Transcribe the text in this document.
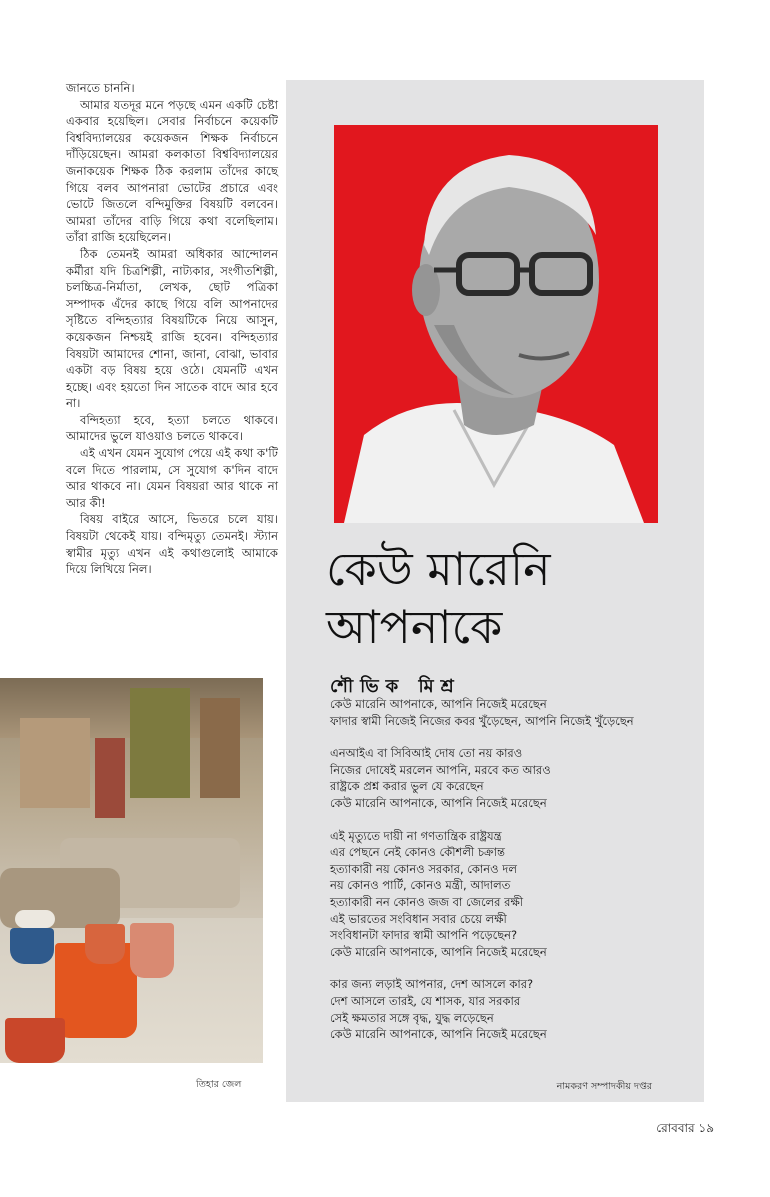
জানতে চাননি।

আমার যতদূর মনে পড়ছে এমন একটি চেষ্টা একবার হয়েছিল। সেবার নির্বাচনে কয়েকটি বিশ্ববিদ্যালয়ের কয়েকজন শিক্ষক নির্বাচনে দাঁড়িয়েছেন। আমরা কলকাতা বিশ্ববিদ্যালয়ের জনাকয়েক শিক্ষক ঠিক করলাম তাঁদের কাছে গিয়ে বলব আপনারা ভোটের প্রচারে এবং ভোটে জিতলে বন্দিমুক্তির বিষয়টি বলবেন। আমরা তাঁদের বাড়ি গিয়ে কথা বলেছিলাম। তাঁরা রাজি হয়েছিলেন।

ঠিক তেমনই আমরা অধিকার আন্দোলন কর্মীরা যদি চিত্রশিল্পী, নাট্যকার, সংগীতশিল্পী, চলচ্চিত্র-নির্মাতা, লেখক, ছোট পত্রিকা সম্পাদক এঁদের কাছে গিয়ে বলি আপনাদের সৃষ্টিতে বন্দিহত্যার বিষয়টিকে নিয়ে আসুন, কয়েকজন নিশ্চয়ই রাজি হবেন। বন্দিহত্যার বিষয়টা আমাদের শোনা, জানা, বোঝা, ভাবার একটা বড় বিষয় হয়ে ওঠে। যেমনটি এখন হচ্ছে। এবং হয়তো দিন সাতেক বাদে আর হবে না।

বন্দিহত্যা হবে, হত্যা চলতে থাকবে। আমাদের ভুলে যাওয়াও চলতে থাকবে।

এই এখন যেমন সুযোগ পেয়ে এই কথা ক'টি বলে দিতে পারলাম, সে সুযোগ ক'দিন বাদে আর থাকবে না। যেমন বিষয়রা আর থাকে না আর কী!

বিষয় বাইরে আসে, ভিতরে চলে যায়। বিষয়টা থেকেই যায়। বন্দিমৃত্যু তেমনই। স্ট্যান স্বামীর মৃত্যু এখন এই কথাগুলোই আমাকে দিয়ে লিখিয়ে নিল।

তিহার জেল
কেউ মারেনি
আপনাকে
শৌভিক মিশ্র
কেউ মারেনি আপনাকে, আপনি নিজেই মরেছেন
ফাদার স্বামী নিজেই নিজের কবর খুঁড়েছেন, আপনি নিজেই খুঁড়েছেন
এনআইএ বা সিবিআই দোষ তো নয় কারও
নিজের দোষেই মরলেন আপনি, মরবে কত আরও
রাষ্ট্রকে প্রশ্ন করার ভুল যে করেছেন
কেউ মারেনি আপনাকে, আপনি নিজেই মরেছেন
এই মৃত্যুতে দায়ী না গণতান্ত্রিক রাষ্ট্রযন্ত্র
এর পেছনে নেই কোনও কৌশলী চক্রান্ত
হত্যাকারী নয় কোনও সরকার, কোনও দল
নয় কোনও পার্টি, কোনও মন্ত্রী, আদালত
হত্যাকারী নন কোনও জজ বা জেলের রক্ষী
এই ভারতের সংবিধান সবার চেয়ে লক্ষী
সংবিধানটা ফাদার স্বামী আপনি পড়েছেন?
কেউ মারেনি আপনাকে, আপনি নিজেই মরেছেন
কার জন্য লড়াই আপনার, দেশ আসলে কার?
দেশ আসলে তারই, যে শাসক, যার সরকার
সেই ক্ষমতার সঙ্গে বৃদ্ধ, যুদ্ধ লড়েছেন
কেউ মারেনি আপনাকে, আপনি নিজেই মরেছেন
নামকরণ সম্পাদকীয় দপ্তর
রোববার ১৯
